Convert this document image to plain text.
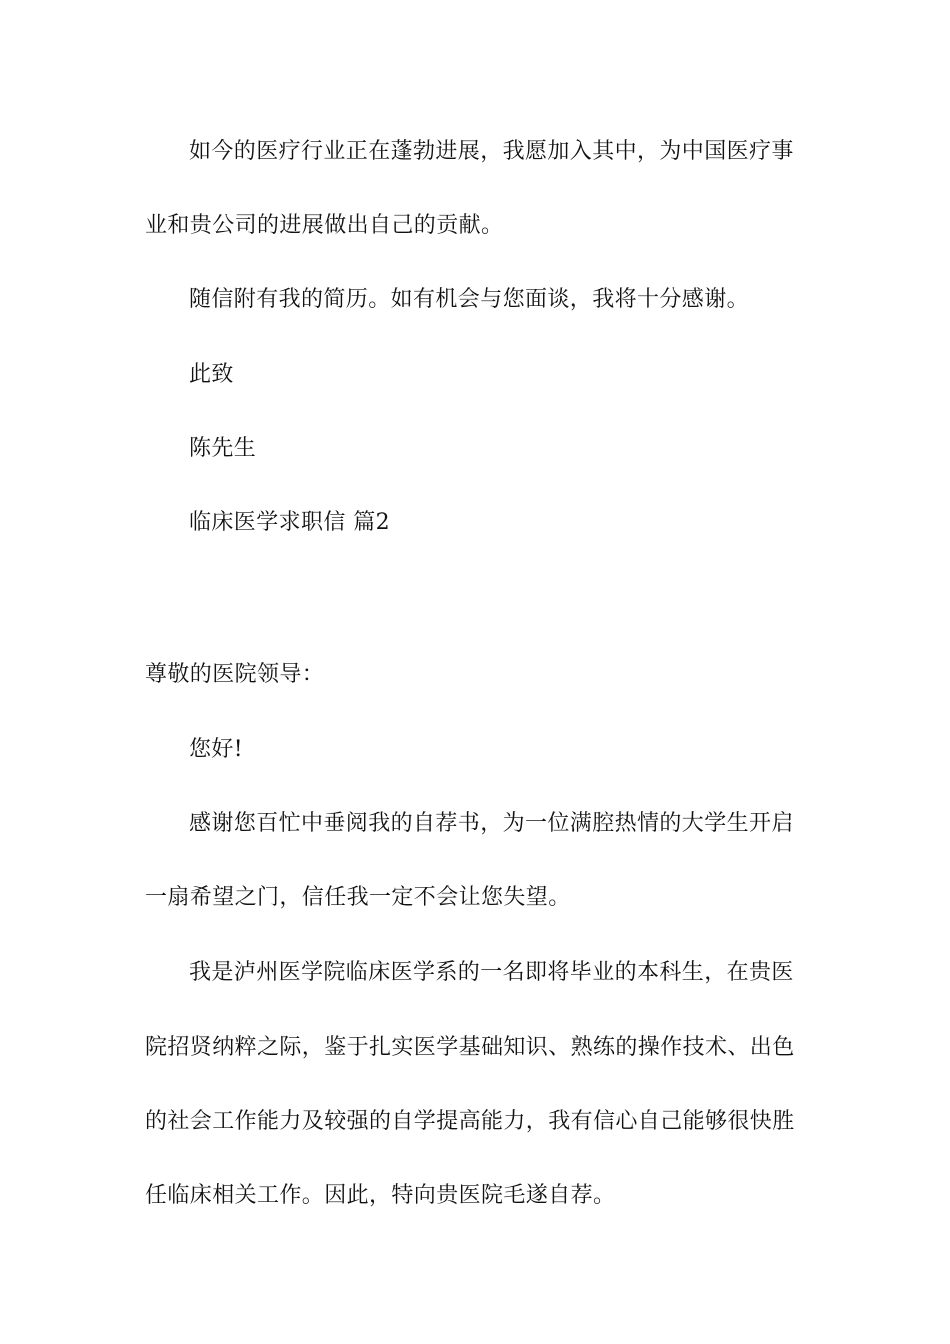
如今的医疗行业正在蓬勃进展，我愿加入其中，为中国医疗事

业和贵公司的进展做出自己的贡献。

随信附有我的简历。如有机会与您面谈，我将十分感谢。

此致

陈先生

临床医学求职信 篇2

尊敬的医院领导：

您好!

感谢您百忙中垂阅我的自荐书，为一位满腔热情的大学生开启

一扇希望之门，信任我一定不会让您失望。

我是泸州医学院临床医学系的一名即将毕业的本科生，在贵医

院招贤纳粹之际，鉴于扎实医学基础知识、熟练的操作技术、出色

的社会工作能力及较强的自学提高能力，我有信心自己能够很快胜

任临床相关工作。因此，特向贵医院毛遂自荐。
